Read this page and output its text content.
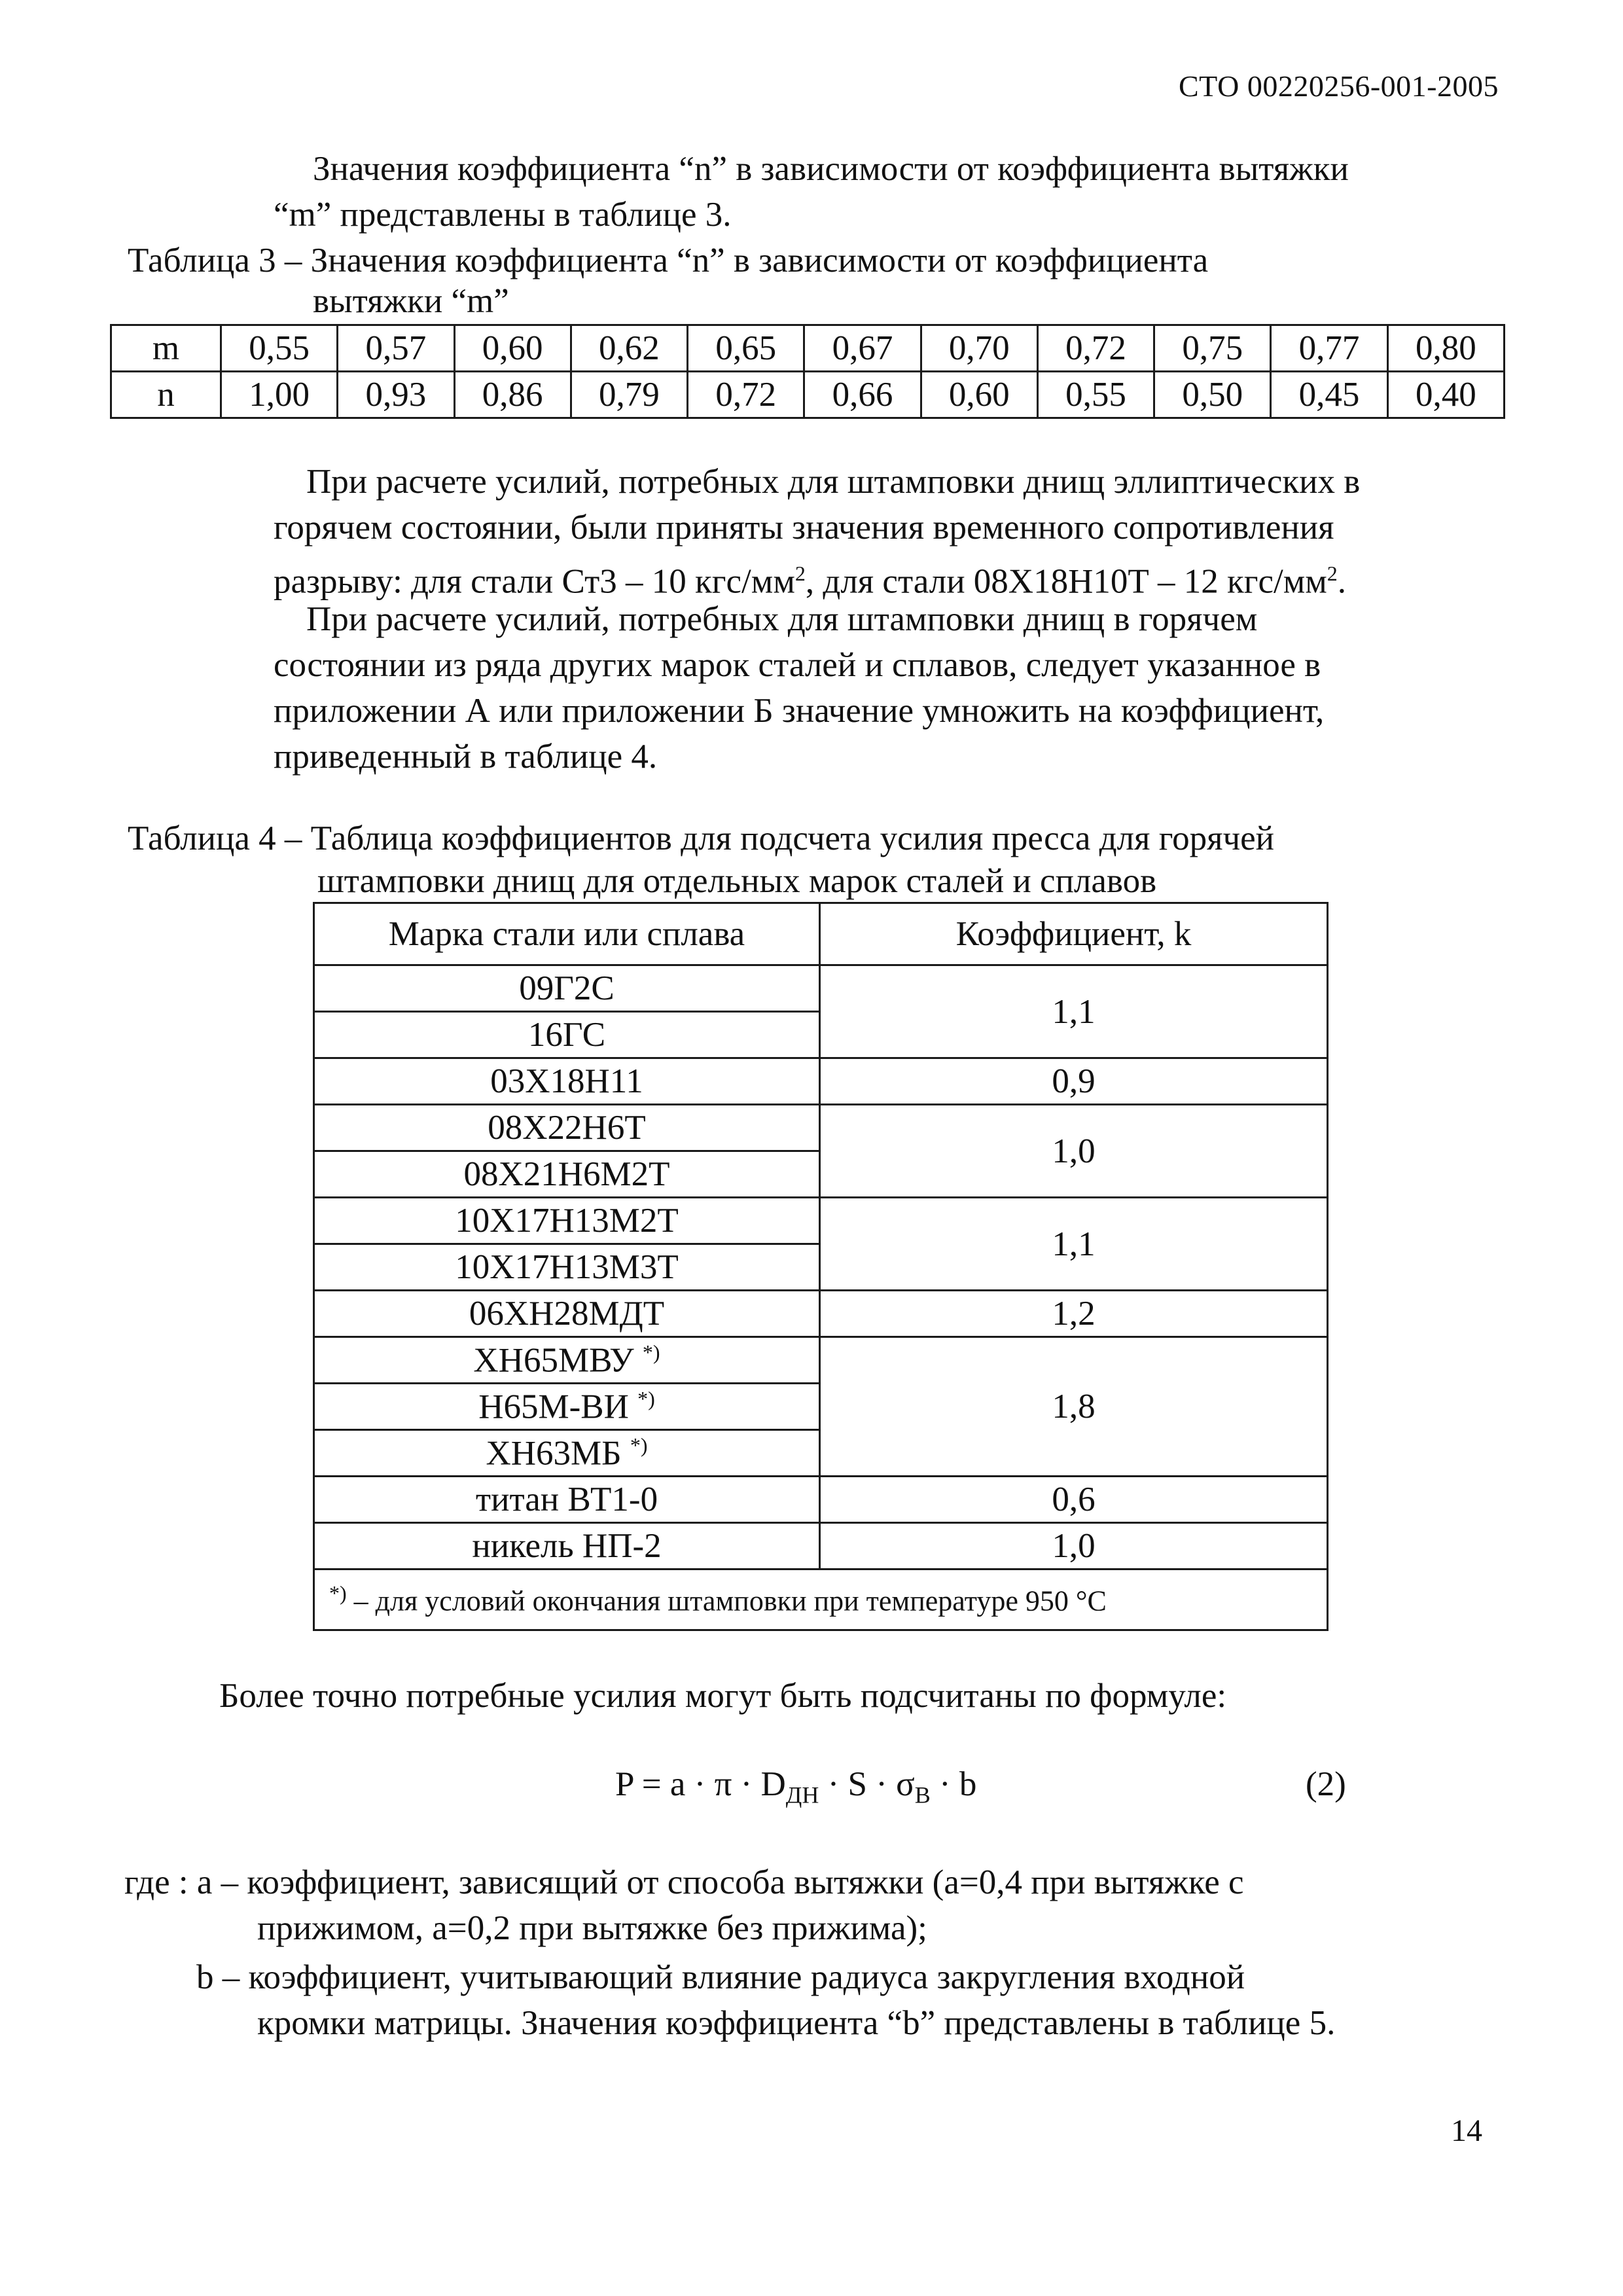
СТО 00220256-001-2005
Значения коэффициента “n” в зависимости от коэффициента вытяжки
“m” представлены в таблице 3.
Таблица 3 – Значения коэффициента “n” в зависимости от коэффициента
вытяжки “m”
m	0,55	0,57	0,60	0,62	0,65	0,67	0,70	0,72	0,75	0,77	0,80
n	1,00	0,93	0,86	0,79	0,72	0,66	0,60	0,55	0,50	0,45	0,40
При расчете усилий, потребных для штамповки днищ эллиптических в
горячем состоянии, были приняты значения временного сопротивления
разрыву: для стали Ст3 – 10 кгс/$мм^2$, для стали 08Х18Н10Т – 12 кгс/$мм^2$.
При расчете усилий, потребных для штамповки днищ в горячем
состоянии из ряда других марок сталей и сплавов, следует указанное в
приложении А или приложении Б значение умножить на коэффициент,
приведенный в таблице 4.
Таблица 4 – Таблица коэффициентов для подсчета усилия пресса для горячей
штамповки днищ для отдельных марок сталей и сплавов
Марка стали или сплава	Коэффициент, k
09Г2С	1,1
16ГС	
03Х18Н11	0,9
08Х22Н6Т	1,0
08Х21Н6М2Т	
10Х17Н13М2Т	1,1
10Х17Н13М3Т	
06ХН28МДТ	1,2
ХН65МВУ *)	1,8
Н65М-ВИ *)
ХН63МБ *)
титан ВТ1-0	0,6
никель НП-2	1,0
*) – для условий окончания штамповки при температуре 950 °С	
Более точно потребные усилия могут быть подсчитаны по формуле:
$P = a \cdot \pi \cdot D_{ДН} \cdot S \cdot \sigma_В \cdot b$	(2)
где : а – коэффициент, зависящий от способа вытяжки (а=0,4 при вытяжке с
прижимом, а=0,2 при вытяжке без прижима);
b – коэффициент, учитывающий влияние радиуса закругления входной
кромки матрицы. Значения коэффициента “b” представлены в таблице 5.
14
